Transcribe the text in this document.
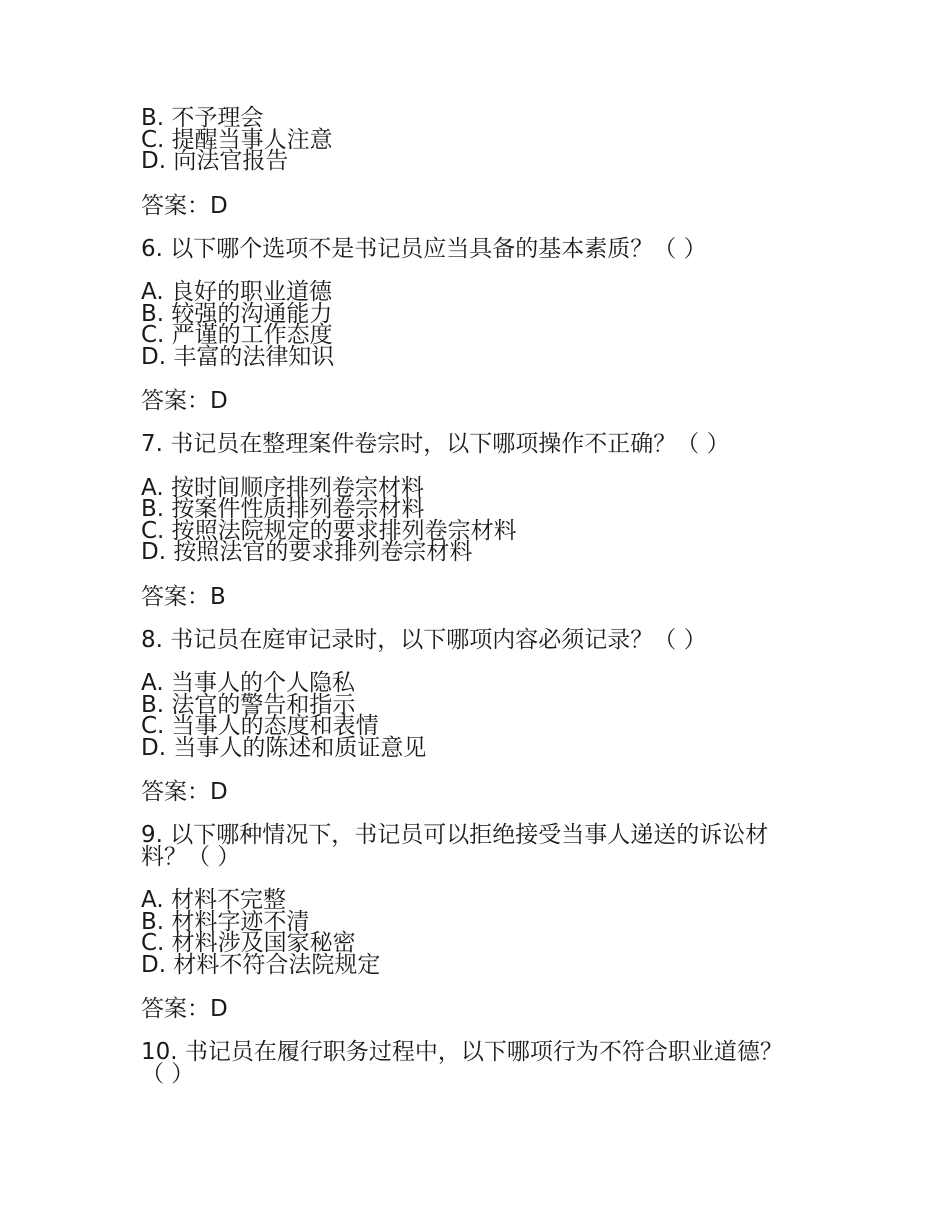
B. 不予理会
C. 提醒当事人注意
D. 向法官报告
答案：D
6. 以下哪个选项不是书记员应当具备的基本素质？（ ）
A. 良好的职业道德
B. 较强的沟通能力
C. 严谨的工作态度
D. 丰富的法律知识
答案：D
7. 书记员在整理案件卷宗时，以下哪项操作不正确？（ ）
A. 按时间顺序排列卷宗材料
B. 按案件性质排列卷宗材料
C. 按照法院规定的要求排列卷宗材料
D. 按照法官的要求排列卷宗材料
答案：B
8. 书记员在庭审记录时，以下哪项内容必须记录？（ ）
A. 当事人的个人隐私
B. 法官的警告和指示
C. 当事人的态度和表情
D. 当事人的陈述和质证意见
答案：D
9. 以下哪种情况下，书记员可以拒绝接受当事人递送的诉讼材料？（ ）
A. 材料不完整
B. 材料字迹不清
C. 材料涉及国家秘密
D. 材料不符合法院规定
答案：D
10. 书记员在履行职务过程中，以下哪项行为不符合职业道德？（ ）
